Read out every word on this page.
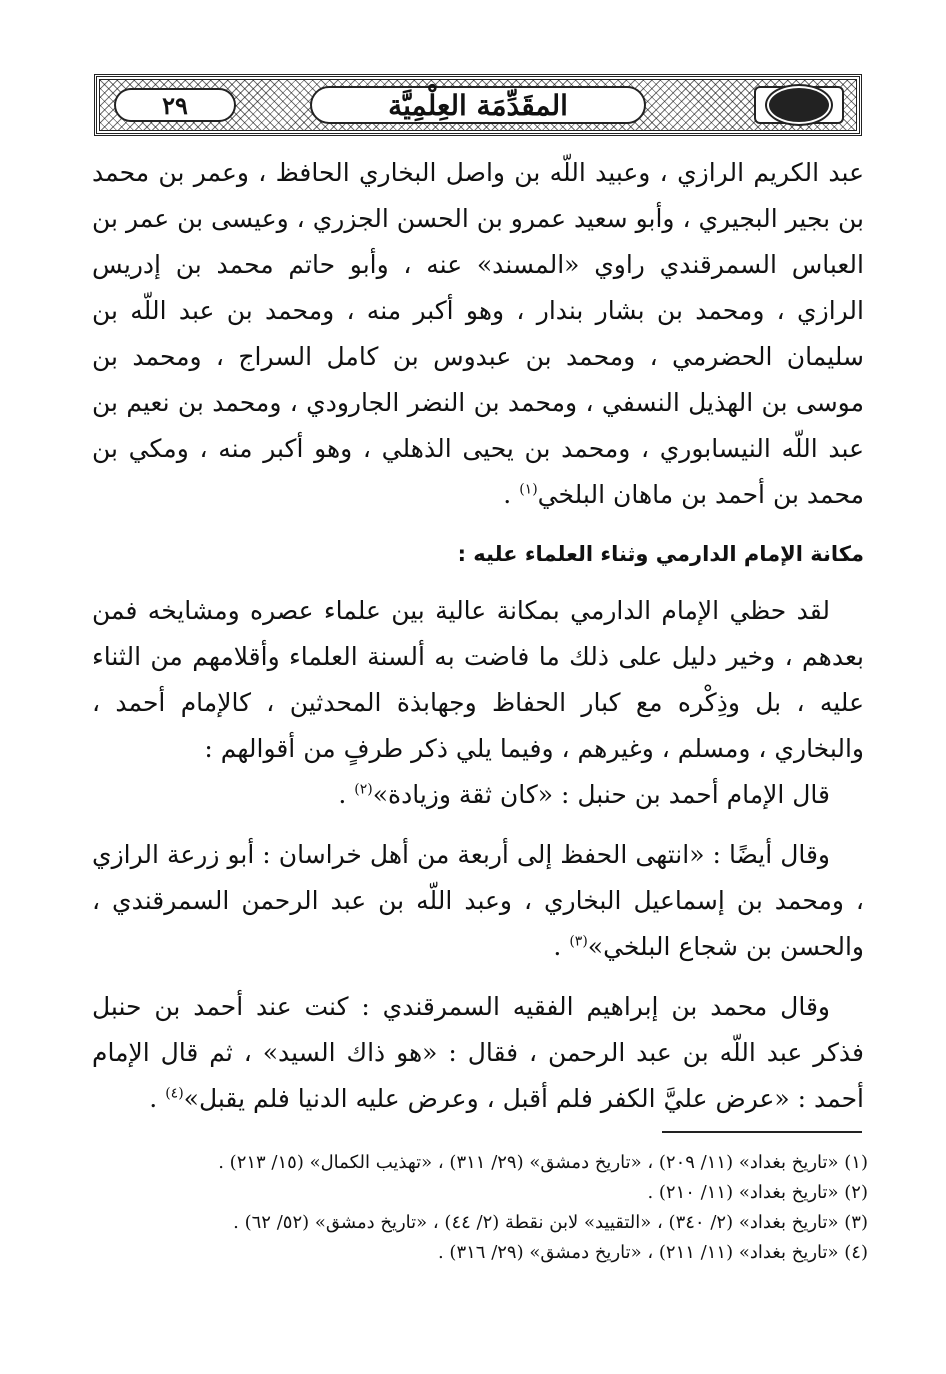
المقَدِّمَة العِلْمِيَّة
٢٩

عبد الكريم الرازي ، وعبيد اللّه بن واصل البخاري الحافظ ، وعمر بن محمد بن بجير البجيري ، وأبو سعيد عمرو بن الحسن الجزري ، وعيسى بن عمر بن العباس السمرقندي راوي «المسند» عنه ، وأبو حاتم محمد بن إدريس الرازي ، ومحمد بن بشار بندار ، وهو أكبر منه ، ومحمد بن عبد اللّه بن سليمان الحضرمي ، ومحمد بن عبدوس بن كامل السراج ، ومحمد بن موسى بن الهذيل النسفي ، ومحمد بن النضر الجارودي ، ومحمد بن نعيم بن عبد اللّه النيسابوري ، ومحمد بن يحيى الذهلي ، وهو أكبر منه ، ومكي بن محمد بن أحمد بن ماهان البلخي$^{(١)}$ .

مكانة الإمام الدارمي وثناء العلماء عليه :

لقد حظي الإمام الدارمي بمكانة عالية بين علماء عصره ومشايخه فمن بعدهم ، وخير دليل على ذلك ما فاضت به ألسنة العلماء وأقلامهم من الثناء عليه ، بل وذِكْره مع كبار الحفاظ وجهابذة المحدثين ، كالإمام أحمد ، والبخاري ، ومسلم ، وغيرهم ، وفيما يلي ذكر طرفٍ من أقوالهم :

قال الإمام أحمد بن حنبل : «كان ثقة وزيادة»$^{(٢)}$ .

وقال أيضًا : «انتهى الحفظ إلى أربعة من أهل خراسان : أبو زرعة الرازي ، ومحمد بن إسماعيل البخاري ، وعبد اللّه بن عبد الرحمن السمرقندي ، والحسن بن شجاع البلخي»$^{(٣)}$ .

وقال محمد بن إبراهيم الفقيه السمرقندي : كنت عند أحمد بن حنبل فذكر عبد اللّه بن عبد الرحمن ، فقال : «هو ذاك السيد» ، ثم قال الإمام أحمد : «عرض عليَّ الكفر فلم أقبل ، وعرض عليه الدنيا فلم يقبل»$^{(٤)}$ .

(١) «تاريخ بغداد» (١١/ ٢٠٩) ، «تاريخ دمشق» (٢٩/ ٣١١) ، «تهذيب الكمال» (١٥/ ٢١٣) .

(٢) «تاريخ بغداد» (١١/ ٢١٠) .

(٣) «تاريخ بغداد» (٢/ ٣٤٠) ، «التقييد» لابن نقطة (٢/ ٤٤) ، «تاريخ دمشق» (٥٢/ ٦٢) .

(٤) «تاريخ بغداد» (١١/ ٢١١) ، «تاريخ دمشق» (٢٩/ ٣١٦) .
